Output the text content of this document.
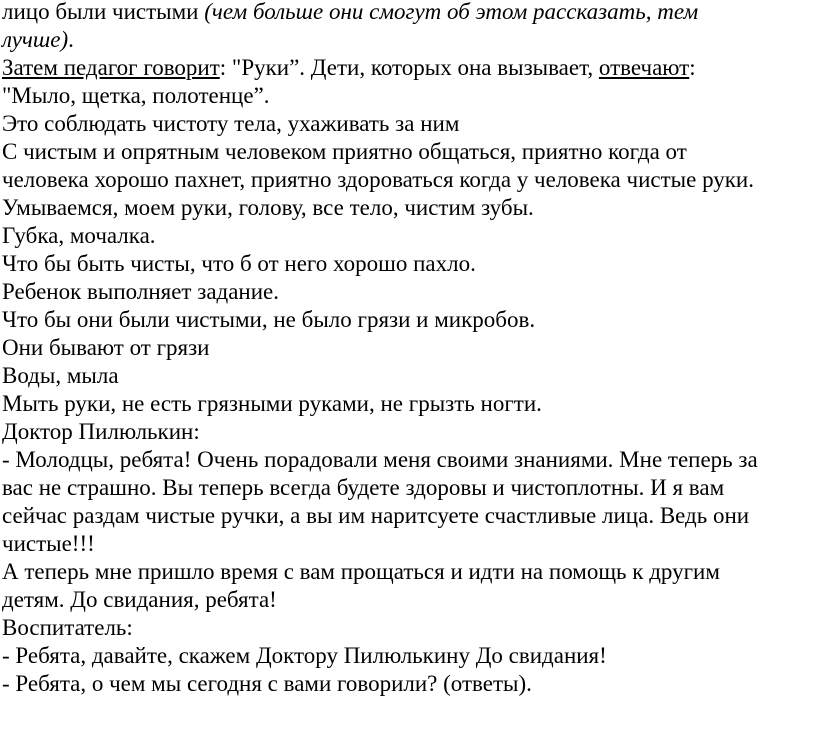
лицо были чистыми (чем больше они смогут об этом рассказать, тем
лучше).
Затем педагог говорит: "Руки”. Дети, которых она вызывает, отвечают:
"Мыло, щетка, полотенце”.
Это соблюдать чистоту тела, ухаживать за ним
С чистым и опрятным человеком приятно общаться, приятно когда от
человека хорошо пахнет, приятно здороваться когда у человека чистые руки.
Умываемся, моем руки, голову, все тело, чистим зубы.
Губка, мочалка.
Что бы быть чисты, что б от него хорошо пахло.
Ребенок выполняет задание.
Что бы они были чистыми, не было грязи и микробов.
Они бывают от грязи
Воды, мыла
Мыть руки, не есть грязными руками, не грызть ногти.
Доктор Пилюлькин:
- Молодцы, ребята! Очень порадовали меня своими знаниями. Мне теперь за
вас не страшно. Вы теперь всегда будете здоровы и чистоплотны. И я вам
сейчас раздам чистые ручки, а вы им наритсуете счастливые лица. Ведь они
чистые!!!
А теперь мне пришло время с вам прощаться и идти на помощь к другим
детям. До свидания, ребята!
Воспитатель:
- Ребята, давайте, скажем Доктору Пилюлькину До свидания!
- Ребята, о чем мы сегодня с вами говорили? (ответы).
